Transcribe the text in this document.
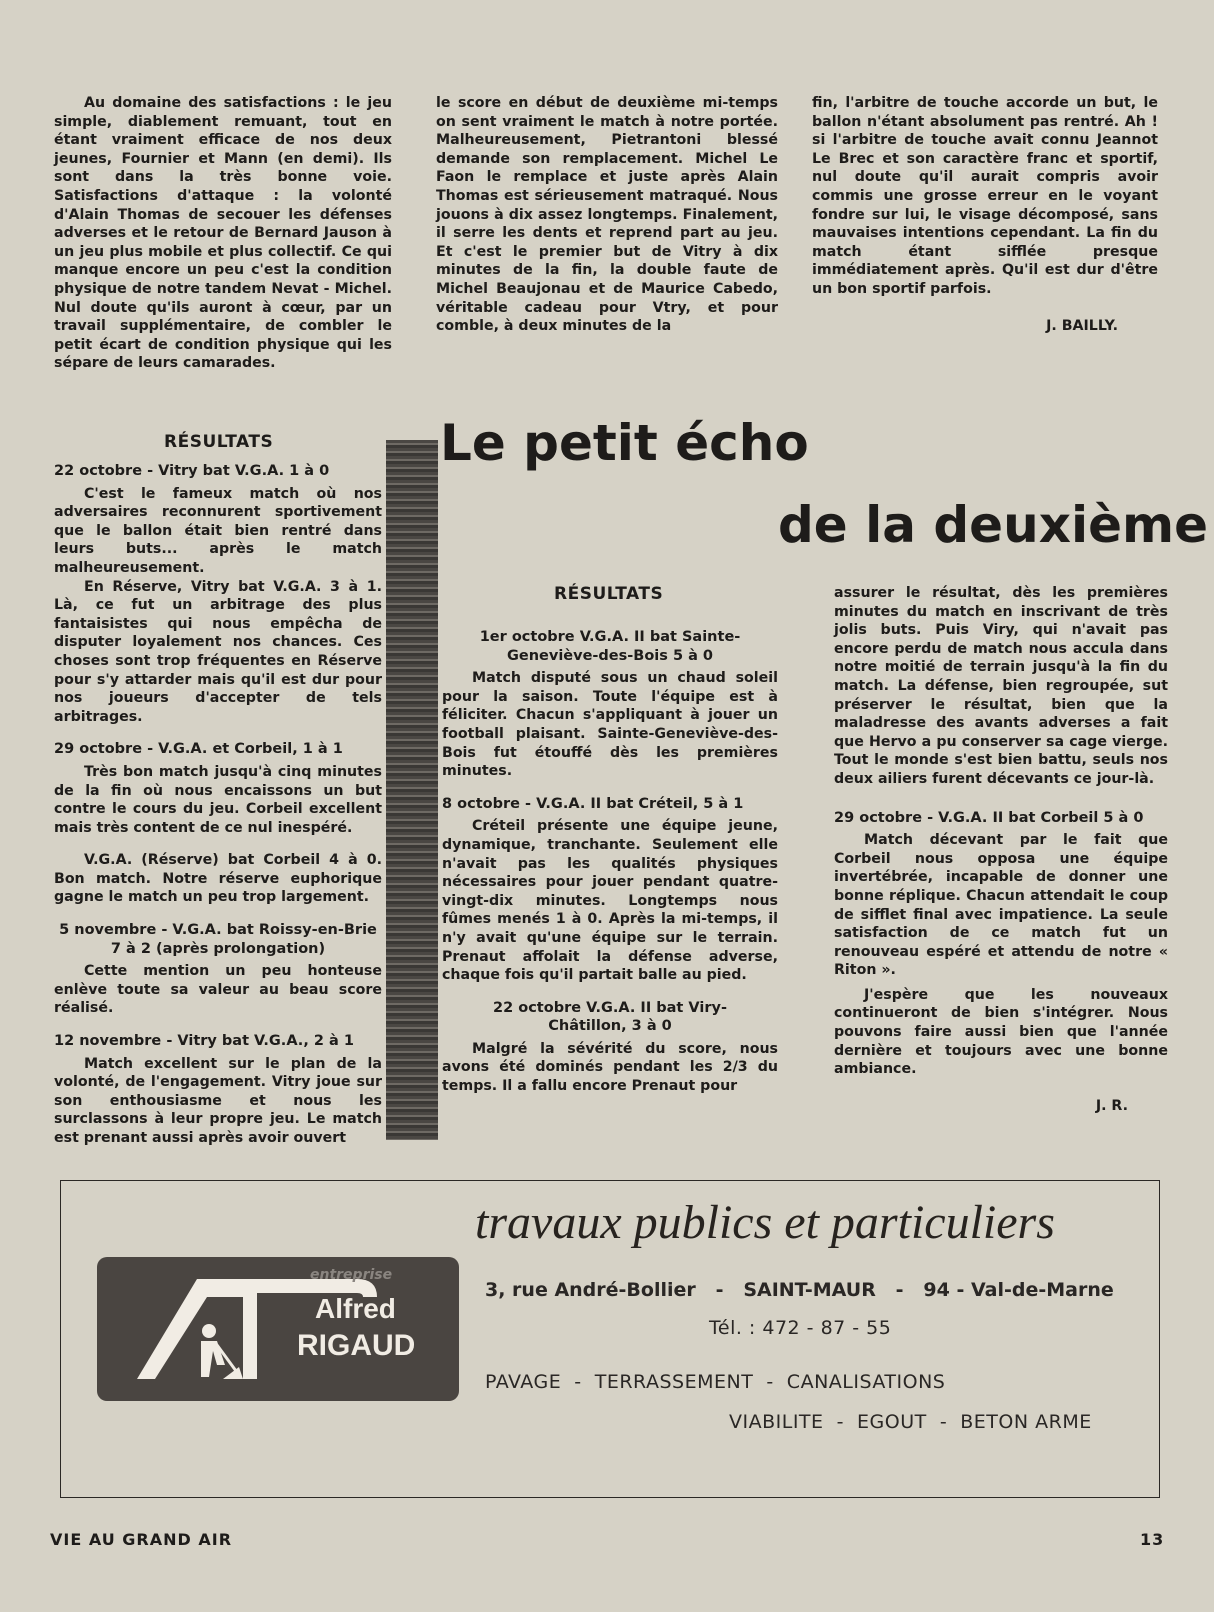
Au domaine des satisfactions : le jeu simple, diablement remuant, tout en étant vraiment efficace de nos deux jeunes, Fournier et Mann (en demi). Ils sont dans la très bonne voie. Satisfactions d'attaque : la volonté d'Alain Thomas de secouer les défenses adverses et le retour de Bernard Jauson à un jeu plus mobile et plus collectif. Ce qui manque encore un peu c'est la condition physique de notre tandem Nevat - Michel. Nul doute qu'ils auront à cœur, par un travail supplémentaire, de combler le petit écart de condition physique qui les sépare de leurs camarades.

le score en début de deuxième mi-temps on sent vraiment le match à notre portée. Malheureusement, Pietrantoni blessé demande son remplacement. Michel Le Faon le remplace et juste après Alain Thomas est sérieusement matraqué. Nous jouons à dix assez longtemps. Finalement, il serre les dents et reprend part au jeu. Et c'est le premier but de Vitry à dix minutes de la fin, la double faute de Michel Beaujonau et de Maurice Cabedo, véritable cadeau pour Vtry, et pour comble, à deux minutes de la

fin, l'arbitre de touche accorde un but, le ballon n'étant absolument pas rentré. Ah ! si l'arbitre de touche avait connu Jeannot Le Brec et son caractère franc et sportif, nul doute qu'il aurait compris avoir commis une grosse erreur en le voyant fondre sur lui, le visage décomposé, sans mauvaises intentions cependant. La fin du match étant sifflée presque immédiatement après. Qu'il est dur d'être un bon sportif parfois.

J. BAILLY.
Le petit écho
de la deuxième
RÉSULTATS
22 octobre - Vitry bat V.G.A. 1 à 0

C'est le fameux match où nos adversaires reconnurent sportivement que le ballon était bien rentré dans leurs buts... après le match malheureusement.

En Réserve, Vitry bat V.G.A. 3 à 1. Là, ce fut un arbitrage des plus fantaisistes qui nous empêcha de disputer loyalement nos chances. Ces choses sont trop fréquentes en Réserve pour s'y attarder mais qu'il est dur pour nos joueurs d'accepter de tels arbitrages.

29 octobre - V.G.A. et Corbeil, 1 à 1

Très bon match jusqu'à cinq minutes de la fin où nous encaissons un but contre le cours du jeu. Corbeil excellent mais très content de ce nul inespéré.

V.G.A. (Réserve) bat Corbeil 4 à 0. Bon match. Notre réserve euphorique gagne le match un peu trop largement.

5 novembre - V.G.A. bat Roissy-en-Brie 7 à 2 (après prolongation)

Cette mention un peu honteuse enlève toute sa valeur au beau score réalisé.

12 novembre - Vitry bat V.G.A., 2 à 1

Match excellent sur le plan de la volonté, de l'engagement. Vitry joue sur son enthousiasme et nous les surclassons à leur propre jeu. Le match est prenant aussi après avoir ouvert

RÉSULTATS
1er octobre V.G.A. II bat Sainte-Geneviève-des-Bois 5 à 0

Match disputé sous un chaud soleil pour la saison. Toute l'équipe est à féliciter. Chacun s'appliquant à jouer un football plaisant. Sainte-Geneviève-des-Bois fut étouffé dès les premières minutes.

8 octobre - V.G.A. II bat Créteil, 5 à 1

Créteil présente une équipe jeune, dynamique, tranchante. Seulement elle n'avait pas les qualités physiques nécessaires pour jouer pendant quatre-vingt-dix minutes. Longtemps nous fûmes menés 1 à 0. Après la mi-temps, il n'y avait qu'une équipe sur le terrain. Prenaut affolait la défense adverse, chaque fois qu'il partait balle au pied.

22 octobre V.G.A. II bat Viry-Châtillon, 3 à 0

Malgré la sévérité du score, nous avons été dominés pendant les 2/3 du temps. Il a fallu encore Prenaut pour

assurer le résultat, dès les premières minutes du match en inscrivant de très jolis buts. Puis Viry, qui n'avait pas encore perdu de match nous accula dans notre moitié de terrain jusqu'à la fin du match. La défense, bien regroupée, sut préserver le résultat, bien que la maladresse des avants adverses a fait que Hervo a pu conserver sa cage vierge. Tout le monde s'est bien battu, seuls nos deux ailiers furent décevants ce jour-là.

29 octobre - V.G.A. II bat Corbeil 5 à 0

Match décevant par le fait que Corbeil nous opposa une équipe invertébrée, incapable de donner une bonne réplique. Chacun attendait le coup de sifflet final avec impatience. La seule satisfaction de ce match fut un renouveau espéré et attendu de notre « Riton ».

J'espère que les nouveaux continueront de bien s'intégrer. Nous pouvons faire aussi bien que l'année dernière et toujours avec une bonne ambiance.

J. R.
travaux publics et particuliers
entreprise
Alfred
RIGAUD
3, rue André-Bollier   -   SAINT-MAUR   -   94 - Val-de-Marne
Tél. : 472 - 87 - 55
PAVAGE  -  TERRASSEMENT  -  CANALISATIONS
VIABILITE  -  EGOUT  -  BETON ARME
VIE AU GRAND AIR	13
